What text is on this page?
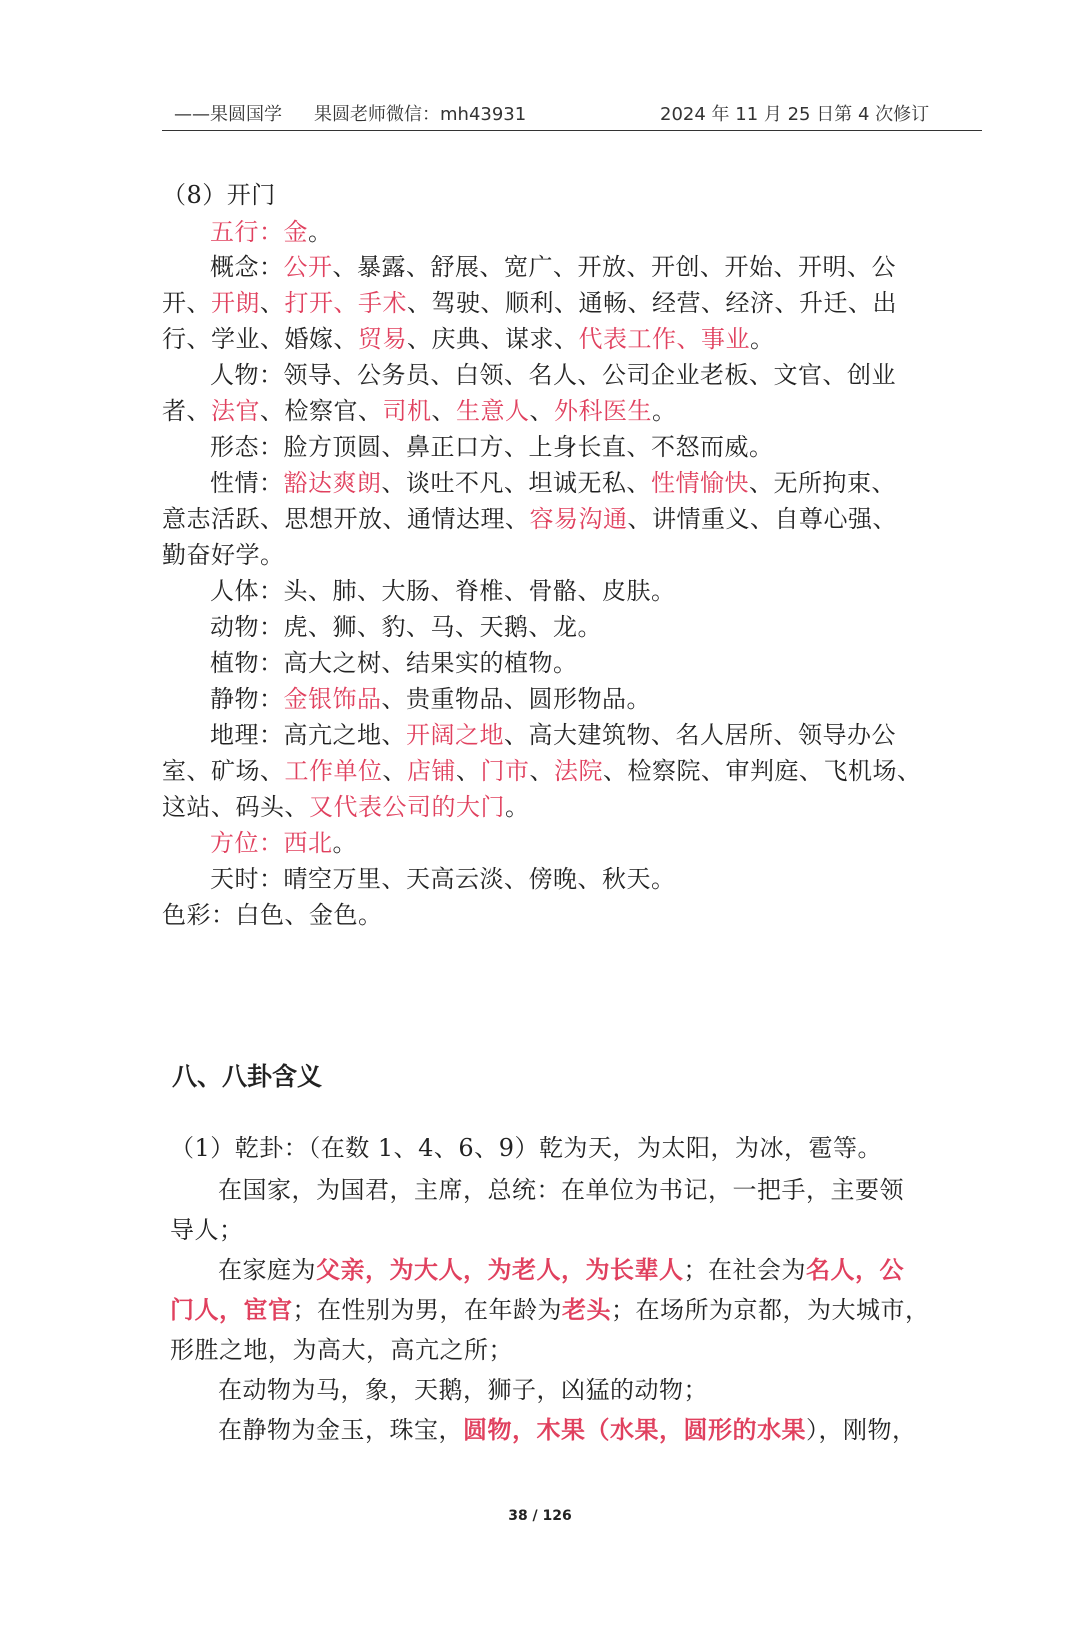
——果圆国学 果圆老师微信：mh43931	2024 年 11 月 25 日第 4 次修订
（8）开门
五行：金。
概念：公开、暴露、舒展、宽广、开放、开创、开始、开明、公
开、开朗、打开、手术、驾驶、顺利、通畅、经营、经济、升迁、出
行、学业、婚嫁、贸易、庆典、谋求、代表工作、事业。
人物：领导、公务员、白领、名人、公司企业老板、文官、创业
者、法官、检察官、司机、生意人、外科医生。
形态：脸方顶圆、鼻正口方、上身长直、不怒而威。
性情：豁达爽朗、谈吐不凡、坦诚无私、性情愉快、无所拘束、
意志活跃、思想开放、通情达理、容易沟通、讲情重义、自尊心强、
勤奋好学。
人体：头、肺、大肠、脊椎、骨骼、皮肤。
动物：虎、狮、豹、马、天鹅、龙。
植物：高大之树、结果实的植物。
静物：金银饰品、贵重物品、圆形物品。
地理：高亢之地、开阔之地、高大建筑物、名人居所、领导办公
室、矿场、工作单位、店铺、门市、法院、检察院、审判庭、飞机场、
这站、码头、又代表公司的大门。
方位：西北。
天时：晴空万里、天高云淡、傍晚、秋天。
色彩：白色、金色。
八、八卦含义
（1）乾卦：（在数 1、4、6、9）乾为天，为太阳，为冰，雹等。
在国家，为国君，主席，总统：在单位为书记，一把手，主要领
导人；
在家庭为父亲，为大人，为老人，为长辈人；在社会为名人，公
门人，宦官；在性别为男，在年龄为老头；在场所为京都，为大城市，
形胜之地，为高大，高亢之所；
在动物为马，象，天鹅，狮子，凶猛的动物；
在静物为金玉，珠宝，圆物，木果（水果，圆形的水果），刚物，
38 / 126
